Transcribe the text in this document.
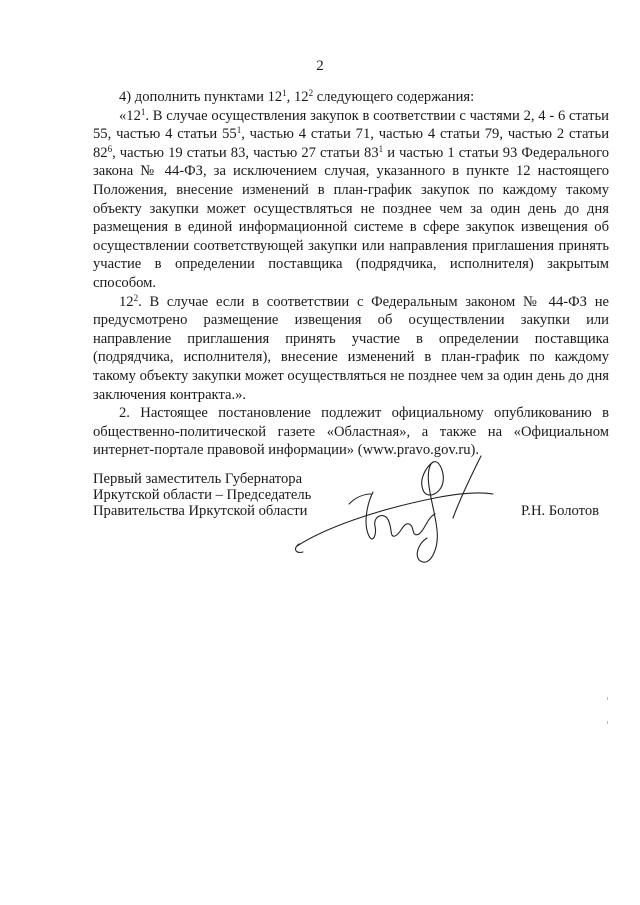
2

4) дополнить пунктами $12^1$, $12^2$ следующего содержания:

«$12^1$. В случае осуществления закупок в соответствии с частями 2, 4 - 6 статьи 55, частью 4 статьи $55^1$, частью 4 статьи 71, частью 4 статьи 79, частью 2 статьи $82^6$, частью 19 статьи 83, частью 27 статьи $83^1$ и частью 1 статьи 93 Федерального закона № 44-ФЗ, за исключением случая, указанного в пункте 12 настоящего Положения, внесение изменений в план-график закупок по каждому такому объекту закупки может осуществляться не позднее чем за один день до дня размещения в единой информационной системе в сфере закупок извещения об осуществлении соответствующей закупки или направления приглашения принять участие в определении поставщика (подрядчика, исполнителя) закрытым способом.

$12^2$. В случае если в соответствии с Федеральным законом № 44-ФЗ не предусмотрено размещение извещения об осуществлении закупки или направление приглашения принять участие в определении поставщика (подрядчика, исполнителя), внесение изменений в план-график по каждому такому объекту закупки может осуществляться не позднее чем за один день до дня заключения контракта.».

2. Настоящее постановление подлежит официальному опубликованию в общественно-политической газете «Областная», а также на «Официальном интернет-портале правовой информации» (www.pravo.gov.ru).

Первый заместитель Губернатора
Иркутской области – Председатель
Правительства Иркутской области	Р.Н. Болотов
